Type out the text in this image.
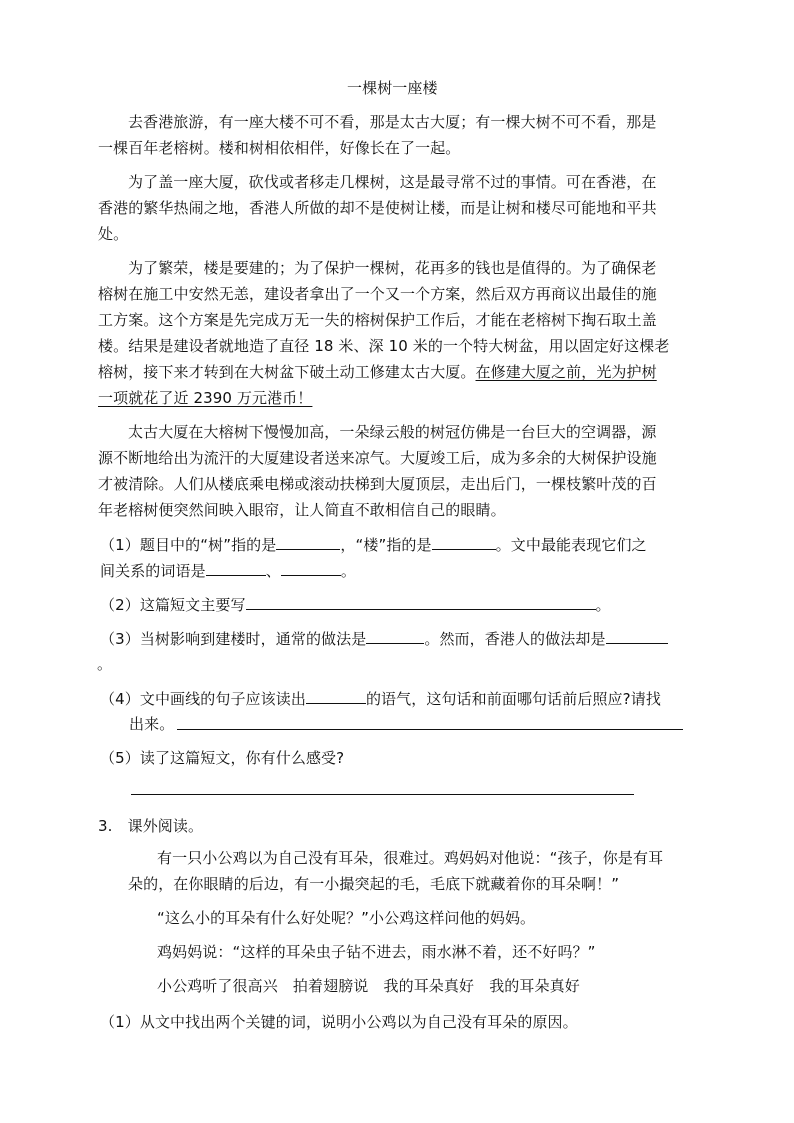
一棵树一座楼
去香港旅游，有一座大楼不可不看，那是太古大厦；有一棵大树不可不看，那是
一棵百年老榕树。楼和树相依相伴，好像长在了一起。
为了盖一座大厦，砍伐或者移走几棵树，这是最寻常不过的事情。可在香港，在
香港的繁华热闹之地，香港人所做的却不是使树让楼，而是让树和楼尽可能地和平共
处。
为了繁荣，楼是要建的；为了保护一棵树，花再多的钱也是值得的。为了确保老
榕树在施工中安然无恙，建设者拿出了一个又一个方案，然后双方再商议出最佳的施
工方案。这个方案是先完成万无一失的榕树保护工作后，才能在老榕树下掏石取土盖
楼。结果是建设者就地造了直径 18 米、深 10 米的一个特大树盆，用以固定好这棵老
榕树，接下来才转到在大树盆下破土动工修建太古大厦。在修建大厦之前，光为护树
一项就花了近 2390 万元港币！
太古大厦在大榕树下慢慢加高，一朵绿云般的树冠仿佛是一台巨大的空调器，源
源不断地给出为流汗的大厦建设者送来凉气。大厦竣工后，成为多余的大树保护设施
才被清除。人们从楼底乘电梯或滚动扶梯到大厦顶层，走出后门，一棵枝繁叶茂的百
年老榕树便突然间映入眼帘，让人简直不敢相信自己的眼睛。
（1）题目中的“树”指的是	，“楼”指的是	。文中最能表现它们之
间关系的词语是	、	。
（2）这篇短文主要写	。
（3）当树影响到建楼时，通常的做法是	。然而，香港人的做法却是
。
（4）文中画线的句子应该读出	的语气，这句话和前面哪句话前后照应?请找
出来。
（5）读了这篇短文，你有什么感受?
3.　课外阅读。
有一只小公鸡以为自己没有耳朵，很难过。鸡妈妈对他说：“孩子，你是有耳
朵的，在你眼睛的后边，有一小撮突起的毛，毛底下就藏着你的耳朵啊！”
“这么小的耳朵有什么好处呢？”小公鸡这样问他的妈妈。
鸡妈妈说：“这样的耳朵虫子钻不进去，雨水淋不着，还不好吗？”
小公鸡听了很高兴　拍着翅膀说　我的耳朵真好　我的耳朵真好
（1）从文中找出两个关键的词，说明小公鸡以为自己没有耳朵的原因。
